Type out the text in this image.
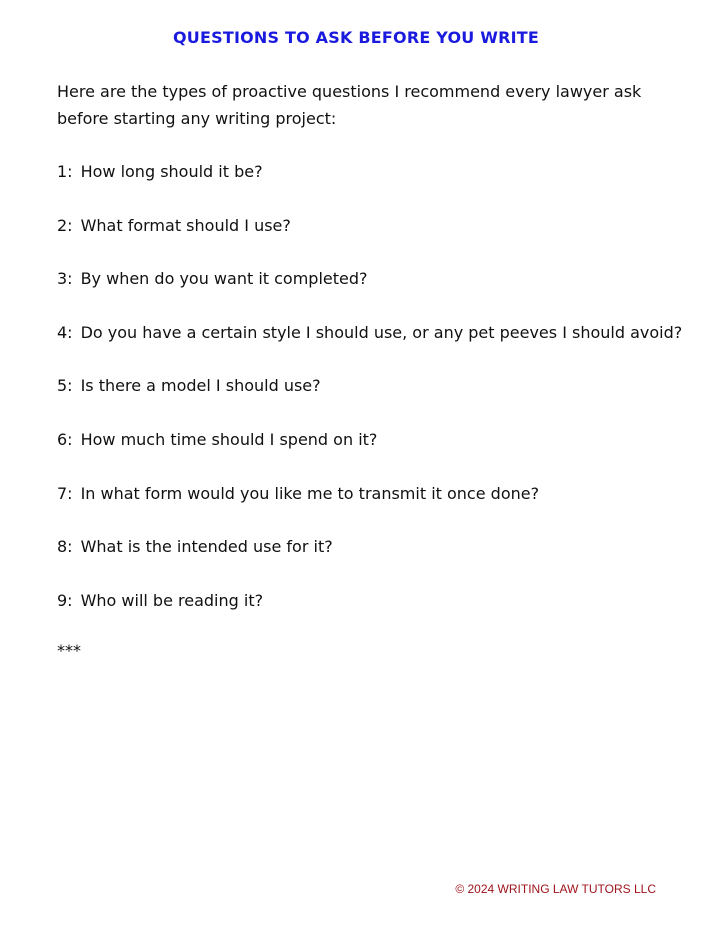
QUESTIONS TO ASK BEFORE YOU WRITE
Here are the types of proactive questions I recommend every lawyer ask before starting any writing project:
1: How long should it be?
2: What format should I use?
3: By when do you want it completed?
4: Do you have a certain style I should use, or any pet peeves I should avoid?
5: Is there a model I should use?
6: How much time should I spend on it?
7: In what form would you like me to transmit it once done?
8: What is the intended use for it?
9: Who will be reading it?
***
© 2024 WRITING LAW TUTORS LLC
